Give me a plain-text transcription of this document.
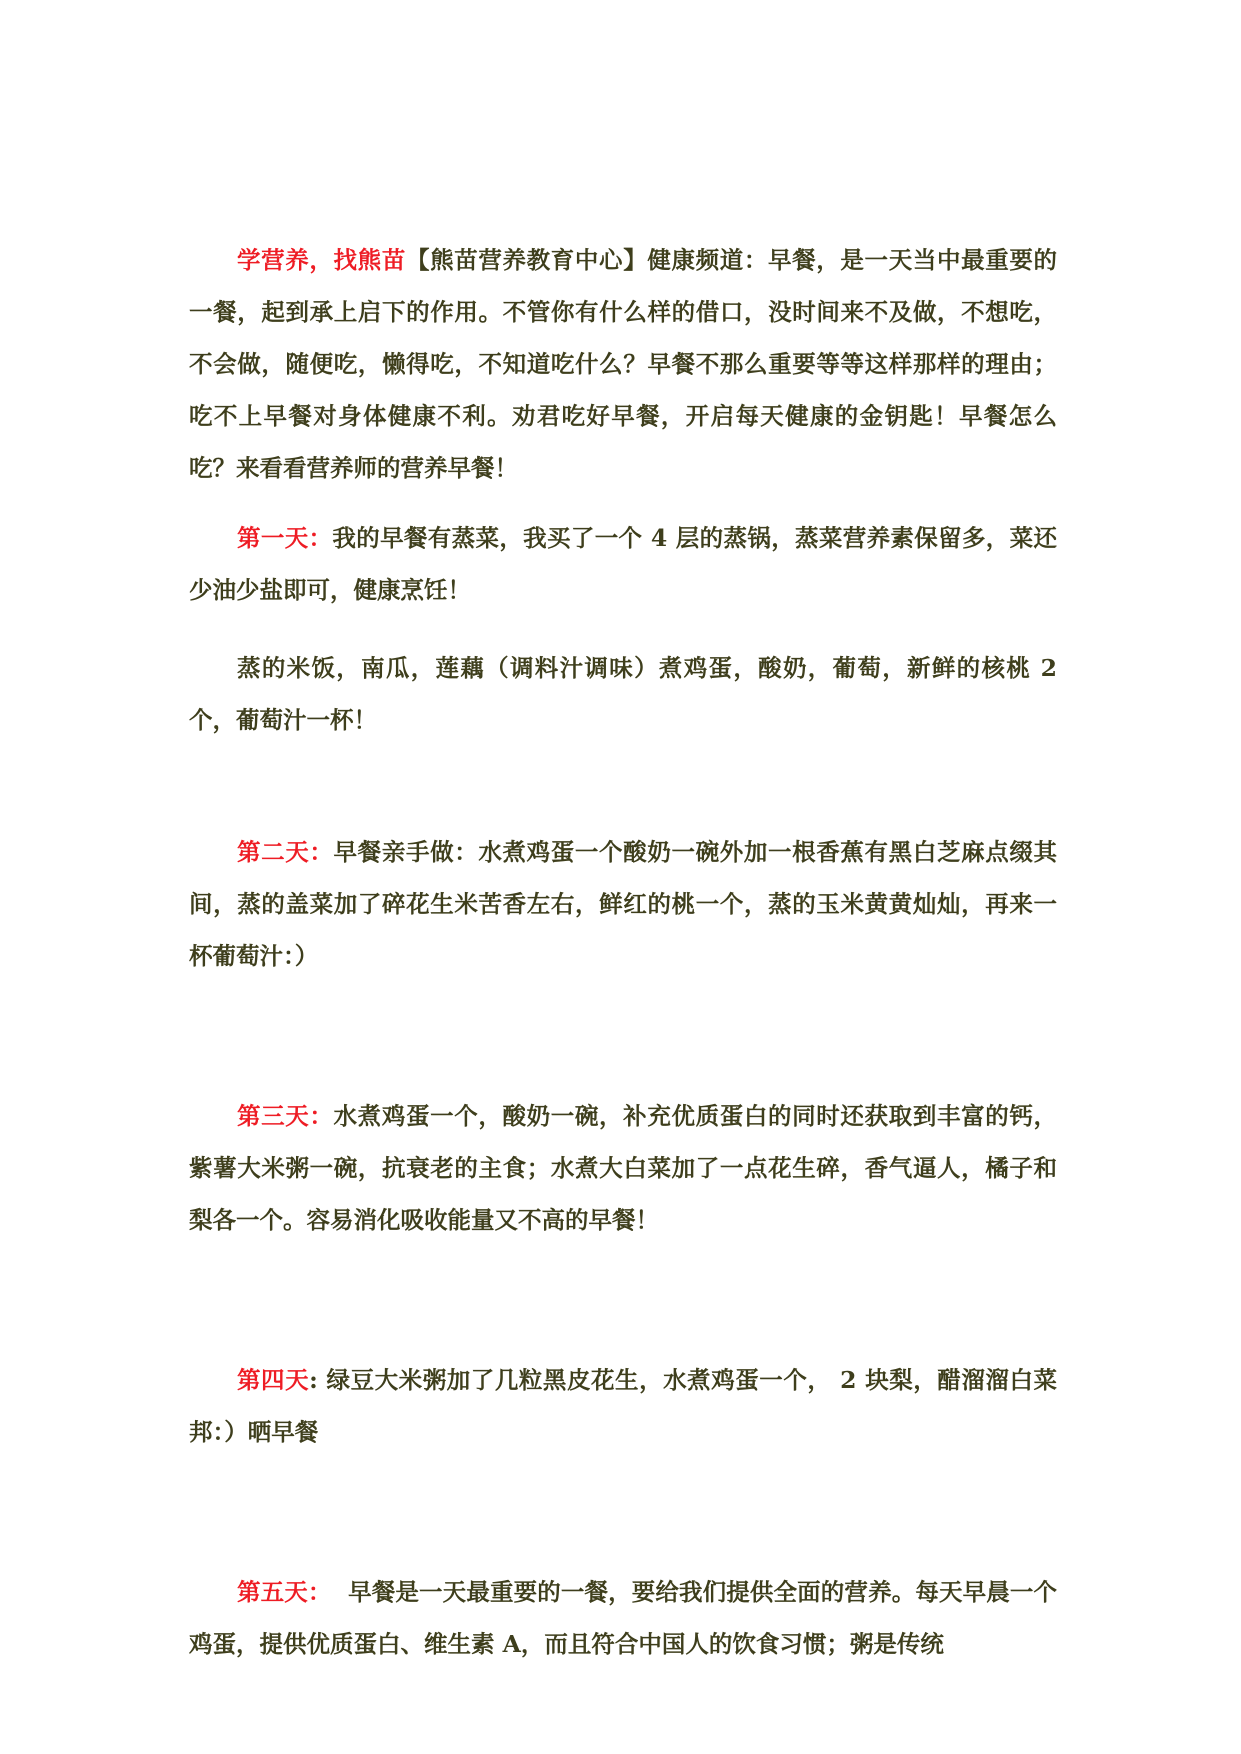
学营养，找熊苗【熊苗营养教育中心】健康频道：早餐，是一天当中最重要的一餐，起到承上启下的作用。不管你有什么样的借口，没时间来不及做，不想吃，不会做，随便吃，懒得吃，不知道吃什么？早餐不那么重要等等这样那样的理由；吃不上早餐对身体健康不利。劝君吃好早餐，开启每天健康的金钥匙！早餐怎么吃？来看看营养师的营养早餐！

第一天：我的早餐有蒸菜，我买了一个 4 层的蒸锅，蒸菜营养素保留多，菜还少油少盐即可，健康烹饪！

蒸的米饭，南瓜，莲藕（调料汁调味）煮鸡蛋，酸奶，葡萄，新鲜的核桃 2 个，葡萄汁一杯！

第二天：早餐亲手做：水煮鸡蛋一个酸奶一碗外加一根香蕉有黑白芝麻点缀其间，蒸的盖菜加了碎花生米苦香左右，鲜红的桃一个，蒸的玉米黄黄灿灿，再来一杯葡萄汁：）

第三天：水煮鸡蛋一个，酸奶一碗，补充优质蛋白的同时还获取到丰富的钙，紫薯大米粥一碗，抗衰老的主食；水煮大白菜加了一点花生碎，香气逼人，橘子和梨各一个。容易消化吸收能量又不高的早餐！

第四天: 绿豆大米粥加了几粒黑皮花生，水煮鸡蛋一个， 2 块梨，醋溜溜白菜邦：）晒早餐

第五天：  早餐是一天最重要的一餐，要给我们提供全面的营养。每天早晨一个鸡蛋，提供优质蛋白、维生素 A，而且符合中国人的饮食习惯；粥是传统
